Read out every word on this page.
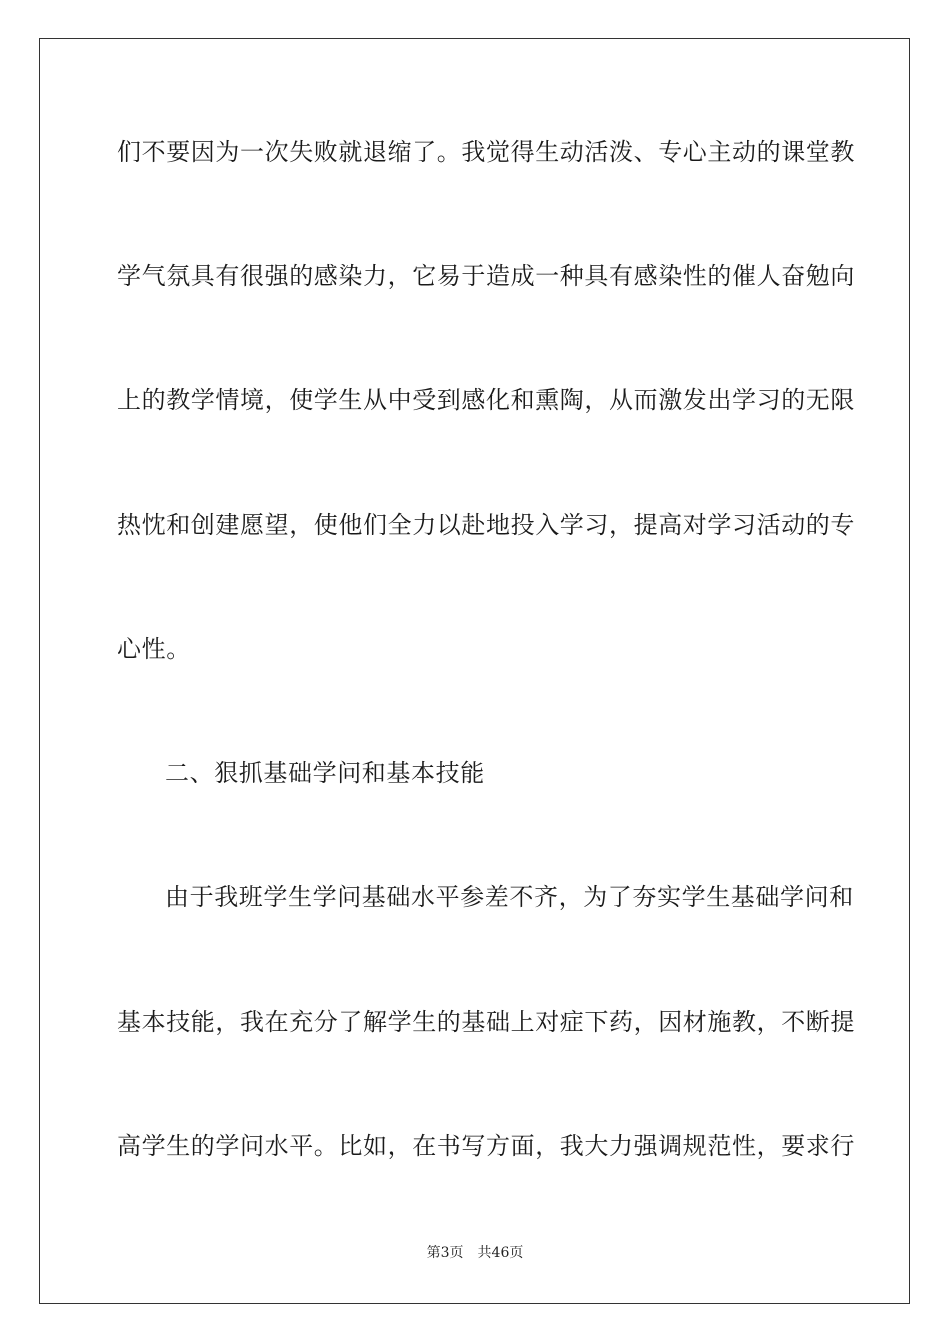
们不要因为一次失败就退缩了。我觉得生动活泼、专心主动的课堂教
学气氛具有很强的感染力，它易于造成一种具有感染性的催人奋勉向
上的教学情境，使学生从中受到感化和熏陶，从而激发出学习的无限
热忱和创建愿望，使他们全力以赴地投入学习，提高对学习活动的专
心性。
二、狠抓基础学问和基本技能
由于我班学生学问基础水平参差不齐，为了夯实学生基础学问和
基本技能，我在充分了解学生的基础上对症下药，因材施教，不断提
高学生的学问水平。比如，在书写方面，我大力强调规范性，要求行
第3页 共46页
